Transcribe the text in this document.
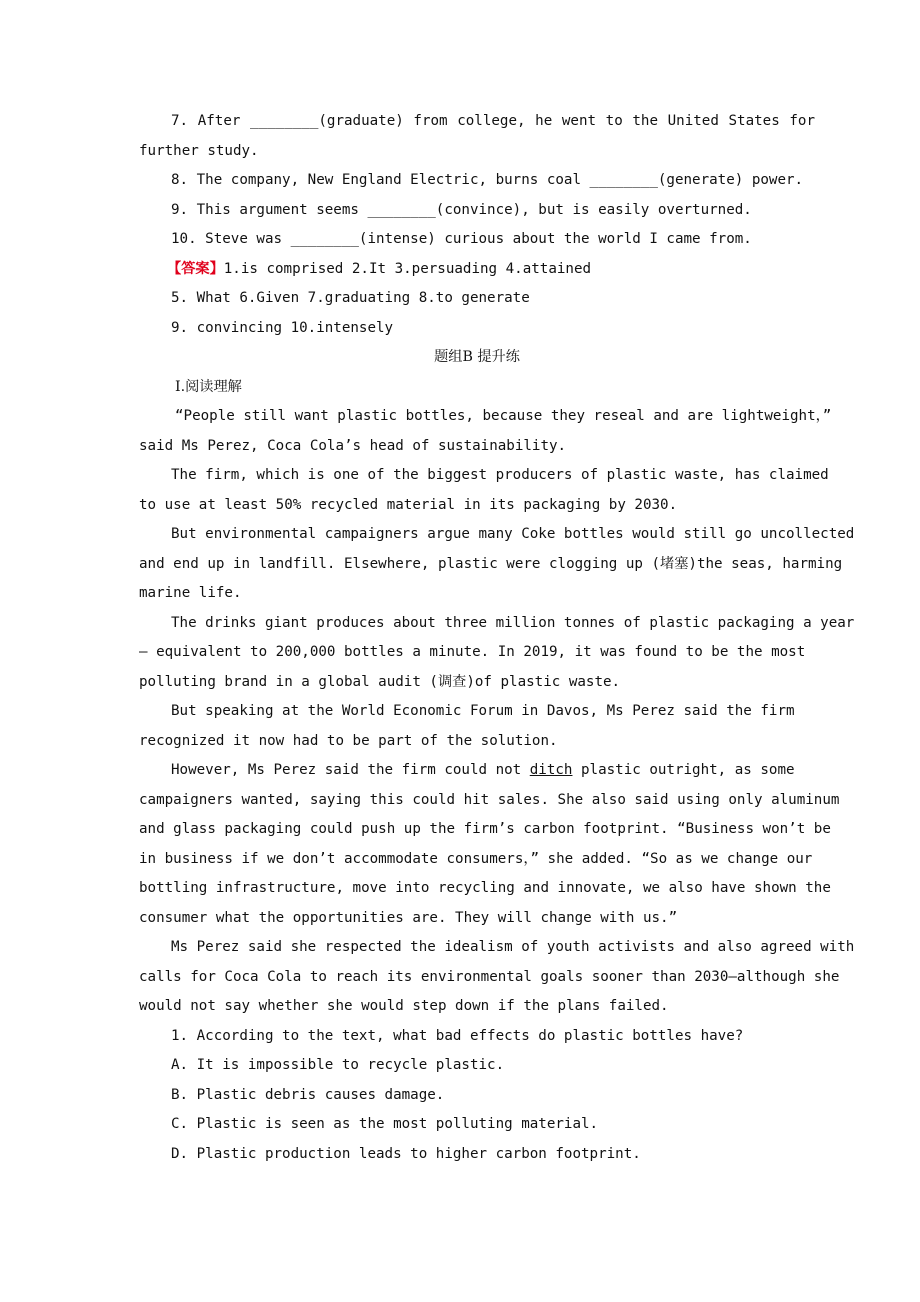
7. After ________(graduate) from college, he went to the United States for
further study.
8. The company, New England Electric, burns coal ________(generate) power.
9. This argument seems ________(convince), but is easily overturned.
10. Steve was ________(intense) curious about the world I came from.
【答案】1.is comprised 2.It 3.persuading 4.attained
5. What 6.Given 7.graduating 8.to generate
9. convincing 10.intensely
题组B 提升练
Ⅰ.阅读理解
“People still want plastic bottles, because they reseal and are lightweight，”
said Ms Perez, Coca Cola’s head of sustainability.
The firm, which is one of the biggest producers of plastic waste, has claimed
to use at least 50% recycled material in its packaging by 2030.
But environmental campaigners argue many Coke bottles would still go uncollected
and end up in landfill. Elsewhere, plastic were clogging up (堵塞)the seas, harming
marine life.
The drinks giant produces about three million tonnes of plastic packaging a year
— equivalent to 200,000 bottles a minute. In 2019, it was found to be the most
polluting brand in a global audit (调查)of plastic waste.
But speaking at the World Economic Forum in Davos, Ms Perez said the firm
recognized it now had to be part of the solution.
However, Ms Perez said the firm could not ditch plastic outright, as some
campaigners wanted, saying this could hit sales. She also said using only aluminum
and glass packaging could push up the firm’s carbon footprint. “Business won’t be
in business if we don’t accommodate consumers，” she added. “So as we change our
bottling infrastructure, move into recycling and innovate, we also have shown the
consumer what the opportunities are. They will change with us.”
Ms Perez said she respected the idealism of youth activists and also agreed with
calls for Coca Cola to reach its environmental goals sooner than 2030—although she
would not say whether she would step down if the plans failed.
1. According to the text, what bad effects do plastic bottles have?
A. It is impossible to recycle plastic.
B. Plastic debris causes damage.
C. Plastic is seen as the most polluting material.
D. Plastic production leads to higher carbon footprint.
